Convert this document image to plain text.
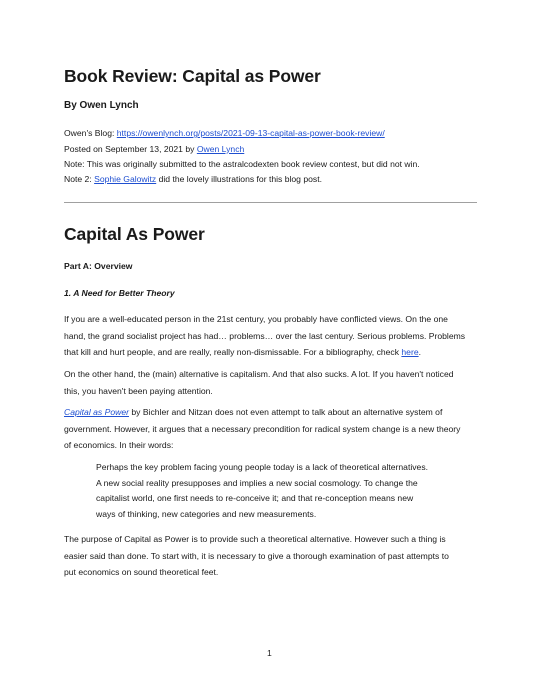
Book Review: Capital as Power
By Owen Lynch
Owen's Blog: https://owenlynch.org/posts/2021-09-13-capital-as-power-book-review/
Posted on September 13, 2021 by Owen Lynch
Note: This was originally submitted to the astralcodexten book review contest, but did not win.
Note 2: Sophie Galowitz did the lovely illustrations for this blog post.
Capital As Power
Part A: Overview
1. A Need for Better Theory
If you are a well-educated person in the 21st century, you probably have conflicted views. On the one
hand, the grand socialist project has had… problems… over the last century. Serious problems. Problems
that kill and hurt people, and are really, really non-dismissable. For a bibliography, check here.
On the other hand, the (main) alternative is capitalism. And that also sucks. A lot. If you haven't noticed
this, you haven't been paying attention.
Capital as Power by Bichler and Nitzan does not even attempt to talk about an alternative system of
government. However, it argues that a necessary precondition for radical system change is a new theory
of economics. In their words:
Perhaps the key problem facing young people today is a lack of theoretical alternatives.
A new social reality presupposes and implies a new social cosmology. To change the
capitalist world, one first needs to re-conceive it; and that re-conception means new
ways of thinking, new categories and new measurements.
The purpose of Capital as Power is to provide such a theoretical alternative. However such a thing is
easier said than done. To start with, it is necessary to give a thorough examination of past attempts to
put economics on sound theoretical feet.
1
